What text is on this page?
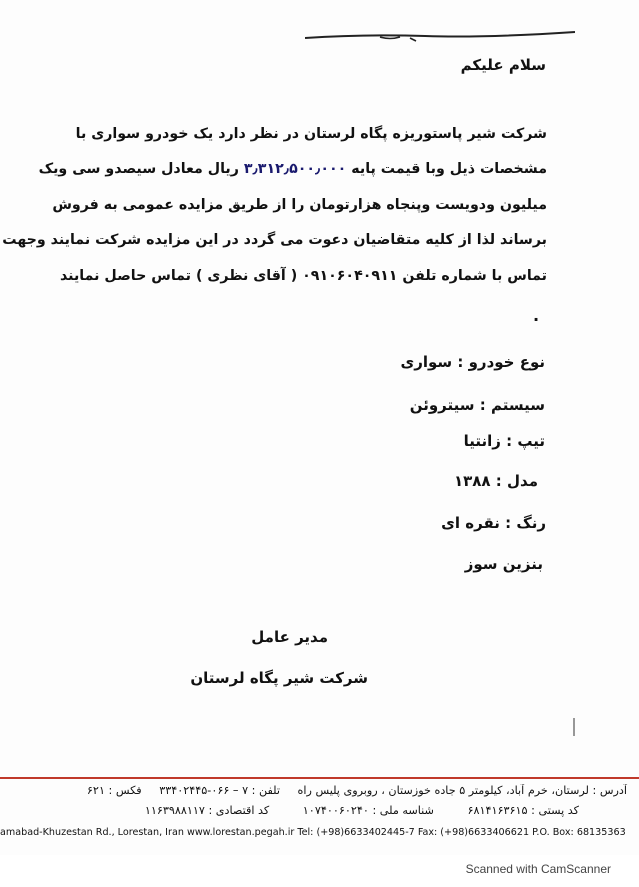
سلام علیکم
شرکت شیر پاستوریزه پگاه لرستان در نظر دارد یک خودرو سواری با
مشخصات ذیل وبا قیمت پایه ۳٫۳۱۲٫۵۰۰٫۰۰۰ ریال معادل سیصدو سی ویک
میلیون ودویست وپنجاه هزارتومان را از طریق مزایده عمومی به فروش
برساند لذا از کلیه متقاضیان دعوت می گردد در این مزایده شرکت نمایند وجهت
تماس با شماره تلفن ۰۹۱۰۶۰۴۰۹۱۱ ( آقای نظری ) تماس حاصل نمایند
.
نوع خودرو : سواری
سیستم : سیتروئن
تیپ : زانتیا
مدل : ۱۳۸۸
رنگ : نقره ای
بنزین سوز
مدیر عامل
شرکت شیر پگاه لرستان
آدرس : لرستان، خرم آباد، کیلومتر ۵ جاده خوزستان ، روبروی پلیس راه تلفن : ۷ – ۰۶۶-۳۳۴۰۲۴۴۵ فکس : ۶۲۱
کد پستی : ۶۸۱۴۱۶۳۶۱۵ شناسه ملی : ۱۰۷۴۰۰۶۰۲۴۰ کد اقتصادی : ۱۱۶۳۹۸۸۱۱۷
amabad-Khuzestan Rd., Lorestan, Iran www.lorestan.pegah.ir Tel: (+98)6633402445-7 Fax: (+98)6633406621 P.O. Box: 68135363
Scanned with CamScanner
